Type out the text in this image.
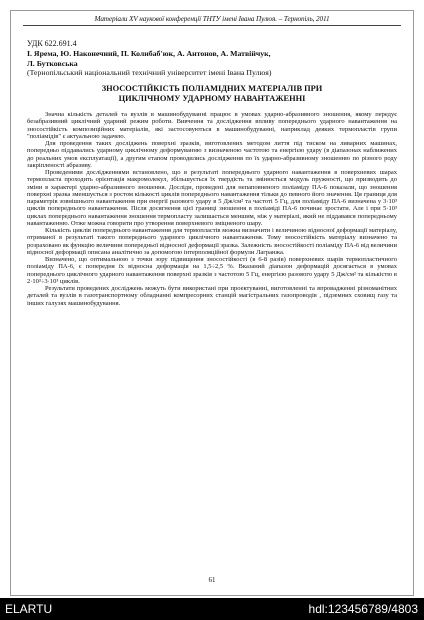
Матеріали XV наукової конференції ТНТУ імені Івана Пулюя. – Тернопіль, 2011

УДК 622.691.4

І. Ярема, Ю. Наконечний, П. Колибаб'юк, А. Антонов, А. Матвійчук,

Л. Бутковська

(Тернопільський національний технічний університет імені Івана Пулюя)

ЗНОСОСТІЙКІСТЬ ПОЛІАМІДНИХ МАТЕРІАЛІВ ПРИ
ЦИКЛІЧНОМУ УДАРНОМУ НАВАНТАЖЕННІ

Значна кількість деталей та вузлів в машинобудуванні працює в умовах ударно-абразивного зношення, якому передує безабразивний циклічний ударний режим роботи. Вивчення та дослідження впливу попереднього ударного навантаження на зносостійкість композиційних матеріалів, які застосовуються в машинобудуванні, наприклад деяких термопластів групи "поліамідів" є актуальною задачею.

Для проведення таких досліджень поверхні зразків, виготовлених методом лиття під тиском на ливарних машинах, попередньо піддавались ударному циклічному деформуванню з визначеною частотою та енергією удару (в діапазонах наближених до реальних умов експлуатації), а другим етапом проводились дослідження по їх ударно-абразивному зношенню по різного роду закріпленості абразиву.

Проведеними дослідженнями встановлено, що в результаті попереднього ударного навантаження в поверхневих шарах термопласта проходить орієнтація макромолекул, збільшується їх твердість та змінюється модуль пружності, що призводить до зміни в характері ударно-абразивного зношення. Досліди, проведені для непаповненого поліаміду ПА-6 показали, що зношення поверхні зразка зменшується з ростом кількості циклів попереднього навантаження тільки до певного його значення. Ця границя для параметрів зовнішнього навантаження при енергії разового удару в 5 Дж/см² та частоті 5 Гц, для поліаміду ПА-6 визначена у 3·10³ циклів попереднього навантаження. Після досягнення цієї границі зношення в поліаміді ПА-6 починає зростати. Але і при 5·10³ циклах попереднього навантаження зношення термопласту залишається меншим, ніж у матеріалі, який не піддавався попередньому навантаженню. Отже можна говорити про утворення поверхневого зміцненого шару.

Кількість циклів попереднього навантаження для термопластів можна визначити і величиною відносної деформації матеріалу, отриманої в результаті такого попереднього ударного циклічного навантаження. Тому зносостійкість матеріалу визначено та розраховано як функцію величини попередньої відносної деформації зразка. Залежність зносостійкості поліаміду ПА-6 від величини відносної деформації описана аналітично за допомогою інтерполяційної формули Лагранжа.

Визначено, що оптимальною з точки зору підвищення зносостійкості (в 6-8 разів) поверхневих шарів термопластичного поліаміду ПА-6, є попередня їх відносна деформація на 1,5÷2,5 %. Вказаний діапазон деформацій досягається в умовах попереднього циклічного ударного навантаження поверхні зразків з частотою 5 Гц, енергією разового удару 5 Дж/см² та кількістю в 2·10³÷3·10³ циклів.

Результати проведених досліджень можуть бути використані при проектуванні, виготовленні та впровадженні різноманітних деталей та вузлів в газотранспортному обладнанні компресорних станцій магістральних газопроводів , підземних сховищ газу та інших галузях машинобудування.

61
ELARTU	hdl:123456789/4803
